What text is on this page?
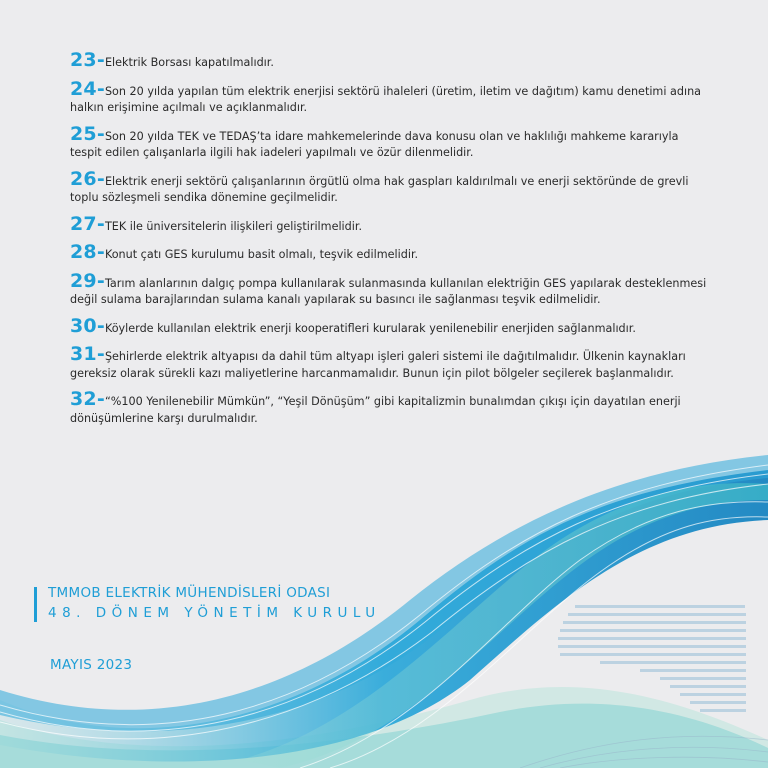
23-Elektrik Borsası kapatılmalıdır.
24-Son 20 yılda yapılan tüm elektrik enerjisi sektörü ihaleleri (üretim, iletim ve dağıtım) kamu denetimi adına halkın erişimine açılmalı ve açıklanmalıdır.
25-Son 20 yılda TEK ve TEDAŞ’ta idare mahkemelerinde dava konusu olan ve haklılığı mahkeme kararıyla tespit edilen çalışanlarla ilgili hak iadeleri yapılmalı ve özür dilenmelidir.
26-Elektrik enerji sektörü çalışanlarının örgütlü olma hak gaspları kaldırılmalı ve enerji sektöründe de grevli toplu sözleşmeli sendika dönemine geçilmelidir.
27-TEK ile üniversitelerin ilişkileri geliştirilmelidir.
28-Konut çatı GES kurulumu basit olmalı, teşvik edilmelidir.
29-Tarım alanlarının dalgıç pompa kullanılarak sulanmasında kullanılan elektriğin GES yapılarak desteklenmesi değil sulama barajlarından sulama kanalı yapılarak su basıncı ile sağlanması teşvik edilmelidir.
30-Köylerde kullanılan elektrik enerji kooperatifleri kurularak yenilenebilir enerjiden sağlanmalıdır.
31-Şehirlerde elektrik altyapısı da dahil tüm altyapı işleri galeri sistemi ile dağıtılmalıdır. Ülkenin kaynakları gereksiz olarak sürekli kazı maliyetlerine harcanmamalıdır. Bunun için pilot bölgeler seçilerek başlanmalıdır.
32-“%100 Yenilenebilir Mümkün”, “Yeşil Dönüşüm” gibi kapitalizmin bunalımdan çıkışı için dayatılan enerji dönüşümlerine karşı durulmalıdır.
TMMOB ELEKTRİK MÜHENDİSLERİ ODASI
48. DÖNEM YÖNETİM KURULU
MAYIS 2023
